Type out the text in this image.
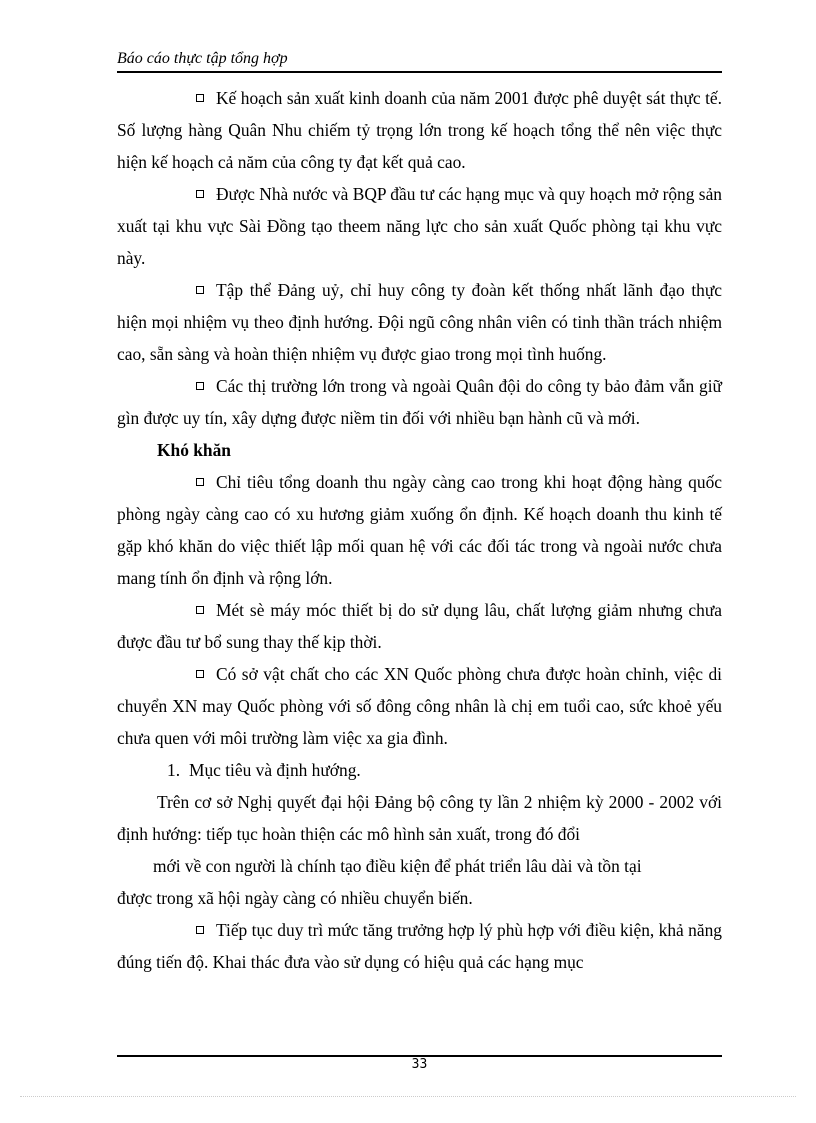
Báo cáo thực tập tổng hợp

Kế hoạch sản xuất kinh doanh của năm 2001 được phê duyệt sát thực tế. Số lượng hàng Quân Nhu chiếm tỷ trọng lớn trong kế hoạch tổng thể nên việc thực hiện kế hoạch cả năm của công ty đạt kết quả cao.

Được Nhà nước và BQP đầu tư các hạng mục và quy hoạch mở rộng sản xuất tại khu vực Sài Đồng tạo theem năng lực cho sản xuất Quốc phòng tại khu vực này.

Tập thể Đảng uỷ, chỉ huy công ty đoàn kết thống nhất lãnh đạo thực hiện mọi nhiệm vụ theo định hướng. Đội ngũ công nhân viên có tinh thần trách nhiệm cao, sẵn sàng và hoàn thiện nhiệm vụ được giao trong mọi tình huống.

Các thị trường lớn trong và ngoài Quân đội do công ty bảo đảm vẫn giữ gìn được uy tín, xây dựng được niềm tin đối với nhiều bạn hành cũ và mới.

Khó khăn

Chỉ tiêu tổng doanh thu ngày càng cao trong khi hoạt động hàng quốc phòng ngày càng cao có xu hương giảm xuống ổn định. Kế hoạch doanh thu kinh tế gặp khó khăn do việc thiết lập mối quan hệ với các đối tác trong và ngoài nước chưa mang tính ổn định và rộng lớn.

Mét sè máy móc thiết bị do sử dụng lâu, chất lượng giảm nhưng chưa được đầu tư bổ sung thay thế kịp thời.

Có sở vật chất cho các XN Quốc phòng chưa được hoàn chỉnh, việc di chuyển XN may Quốc phòng với số đông công nhân là chị em tuổi cao, sức khoẻ yếu chưa quen với môi trường làm việc xa gia đình.

1. Mục tiêu và định hướng.

Trên cơ sở Nghị quyết đại hội Đảng bộ công ty lần 2 nhiệm kỳ 2000 - 2002 với định hướng: tiếp tục hoàn thiện các mô hình sản xuất, trong đó đổi

mới về con người là chính tạo điều kiện để phát triển lâu dài và tồn tại

được trong xã hội ngày càng có nhiều chuyển biến.

Tiếp tục duy trì mức tăng trưởng hợp lý phù hợp với điều kiện, khả năng đúng tiến độ. Khai thác đưa vào sử dụng có hiệu quả các hạng mục

33
